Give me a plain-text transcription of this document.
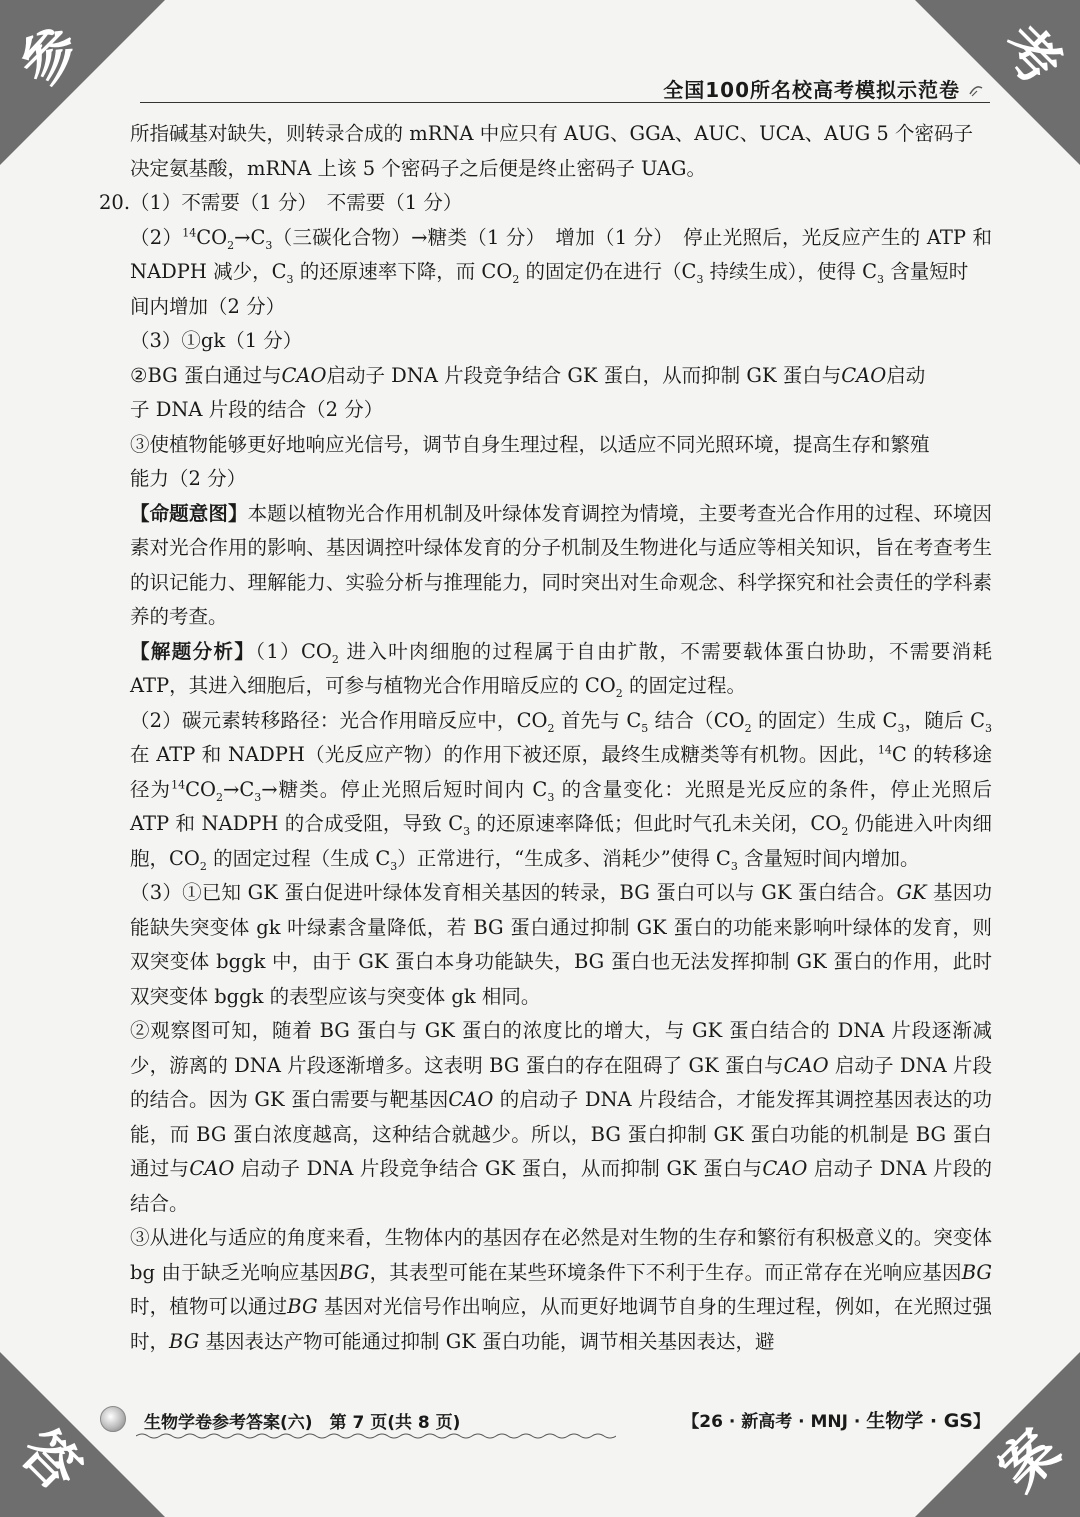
参	考
答	案
全国100所名校高考模拟示范卷

所指碱基对缺失，则转录合成的 mRNA 中应只有 AUG、GGA、AUC、UCA、AUG 5 个密码子

决定氨基酸，mRNA 上该 5 个密码子之后便是终止密码子 UAG。

20.（1）不需要（1 分）　不需要（1 分）

$(2)^{14}CO_2\to C_3$（三碳化合物）→糖类（1 分）　增加（1 分）　停止光照后，光反应产生的 ATP 和NADPH 减少，$C_3$ 的还原速率下降，而 $CO_2$ 的固定仍在进行（$C_3$ 持续生成），使得 $C_3$ 含量短时
间内增加（2 分）

（3）①gk（1 分）

②BG 蛋白通过与CAO启动子 DNA 片段竞争结合 GK 蛋白，从而抑制 GK 蛋白与CAO启动
子 DNA 片段的结合（2 分）

③使植物能够更好地响应光信号，调节自身生理过程，以适应不同光照环境，提高生存和繁殖
能力（2 分）

【命题意图】本题以植物光合作用机制及叶绿体发育调控为情境，主要考查光合作用的过程、环境因素对光合作用的影响、基因调控叶绿体发育的分子机制及生物进化与适应等相关知识，旨在考查考生的识记能力、理解能力、实验分析与推理能力，同时突出对生命观念、科学探究和社会责任的学科素养的考查。

【解题分析】$(1)CO_2$ 进入叶肉细胞的过程属于自由扩散，不需要载体蛋白协助，不需要消耗 ATP，其进入细胞后，可参与植物光合作用暗反应的 $CO_2$ 的固定过程。

（2）碳元素转移路径：光合作用暗反应中，$CO_2$ 首先与 $C_5$ 结合（$CO_2$ 的固定）生成 $C_3$，随后 $C_3$ 在 ATP 和 NADPH（光反应产物）的作用下被还原，最终生成糖类等有机物。因此，$^{14}$C 的转移途径为$^{14}CO_2\to C_3\to$糖类。停止光照后短时间内 $C_3$ 的含量变化：光照是光反应的条件，停止光照后 ATP 和 NADPH 的合成受阻，导致 $C_3$ 的还原速率降低；但此时气孔未关闭，$CO_2$ 仍能进入叶肉细胞，$CO_2$ 的固定过程（生成 $C_3$）正常进行，“生成多、消耗少”使得 $C_3$ 含量短时间内增加。

（3）①已知 GK 蛋白促进叶绿体发育相关基因的转录，BG 蛋白可以与 GK 蛋白结合。GK 基因功能缺失突变体 gk 叶绿素含量降低，若 BG 蛋白通过抑制 GK 蛋白的功能来影响叶绿体的发育，则双突变体 bggk 中，由于 GK 蛋白本身功能缺失，BG 蛋白也无法发挥抑制 GK 蛋白的作用，此时双突变体 bggk 的表型应该与突变体 gk 相同。

②观察图可知，随着 BG 蛋白与 GK 蛋白的浓度比的增大，与 GK 蛋白结合的 DNA 片段逐渐减少，游离的 DNA 片段逐渐增多。这表明 BG 蛋白的存在阻碍了 GK 蛋白与CAO 启动子 DNA 片段的结合。因为 GK 蛋白需要与靶基因CAO 的启动子 DNA 片段结合，才能发挥其调控基因表达的功能，而 BG 蛋白浓度越高，这种结合就越少。所以，BG 蛋白抑制 GK 蛋白功能的机制是 BG 蛋白通过与CAO 启动子 DNA 片段竞争结合 GK 蛋白，从而抑制 GK 蛋白与CAO 启动子 DNA 片段的结合。

③从进化与适应的角度来看，生物体内的基因存在必然是对生物的生存和繁衍有积极意义的。突变体 bg 由于缺乏光响应基因BG，其表型可能在某些环境条件下不利于生存。而正常存在光响应基因BG 时，植物可以通过BG 基因对光信号作出响应，从而更好地调节自身的生理过程，例如，在光照过强时，BG 基因表达产物可能通过抑制 GK 蛋白功能，调节相关基因表达，避

生物学卷参考答案(六)　第 7 页(共 8 页)	【26 · 新高考 · MNJ · 生物学 · GS】
